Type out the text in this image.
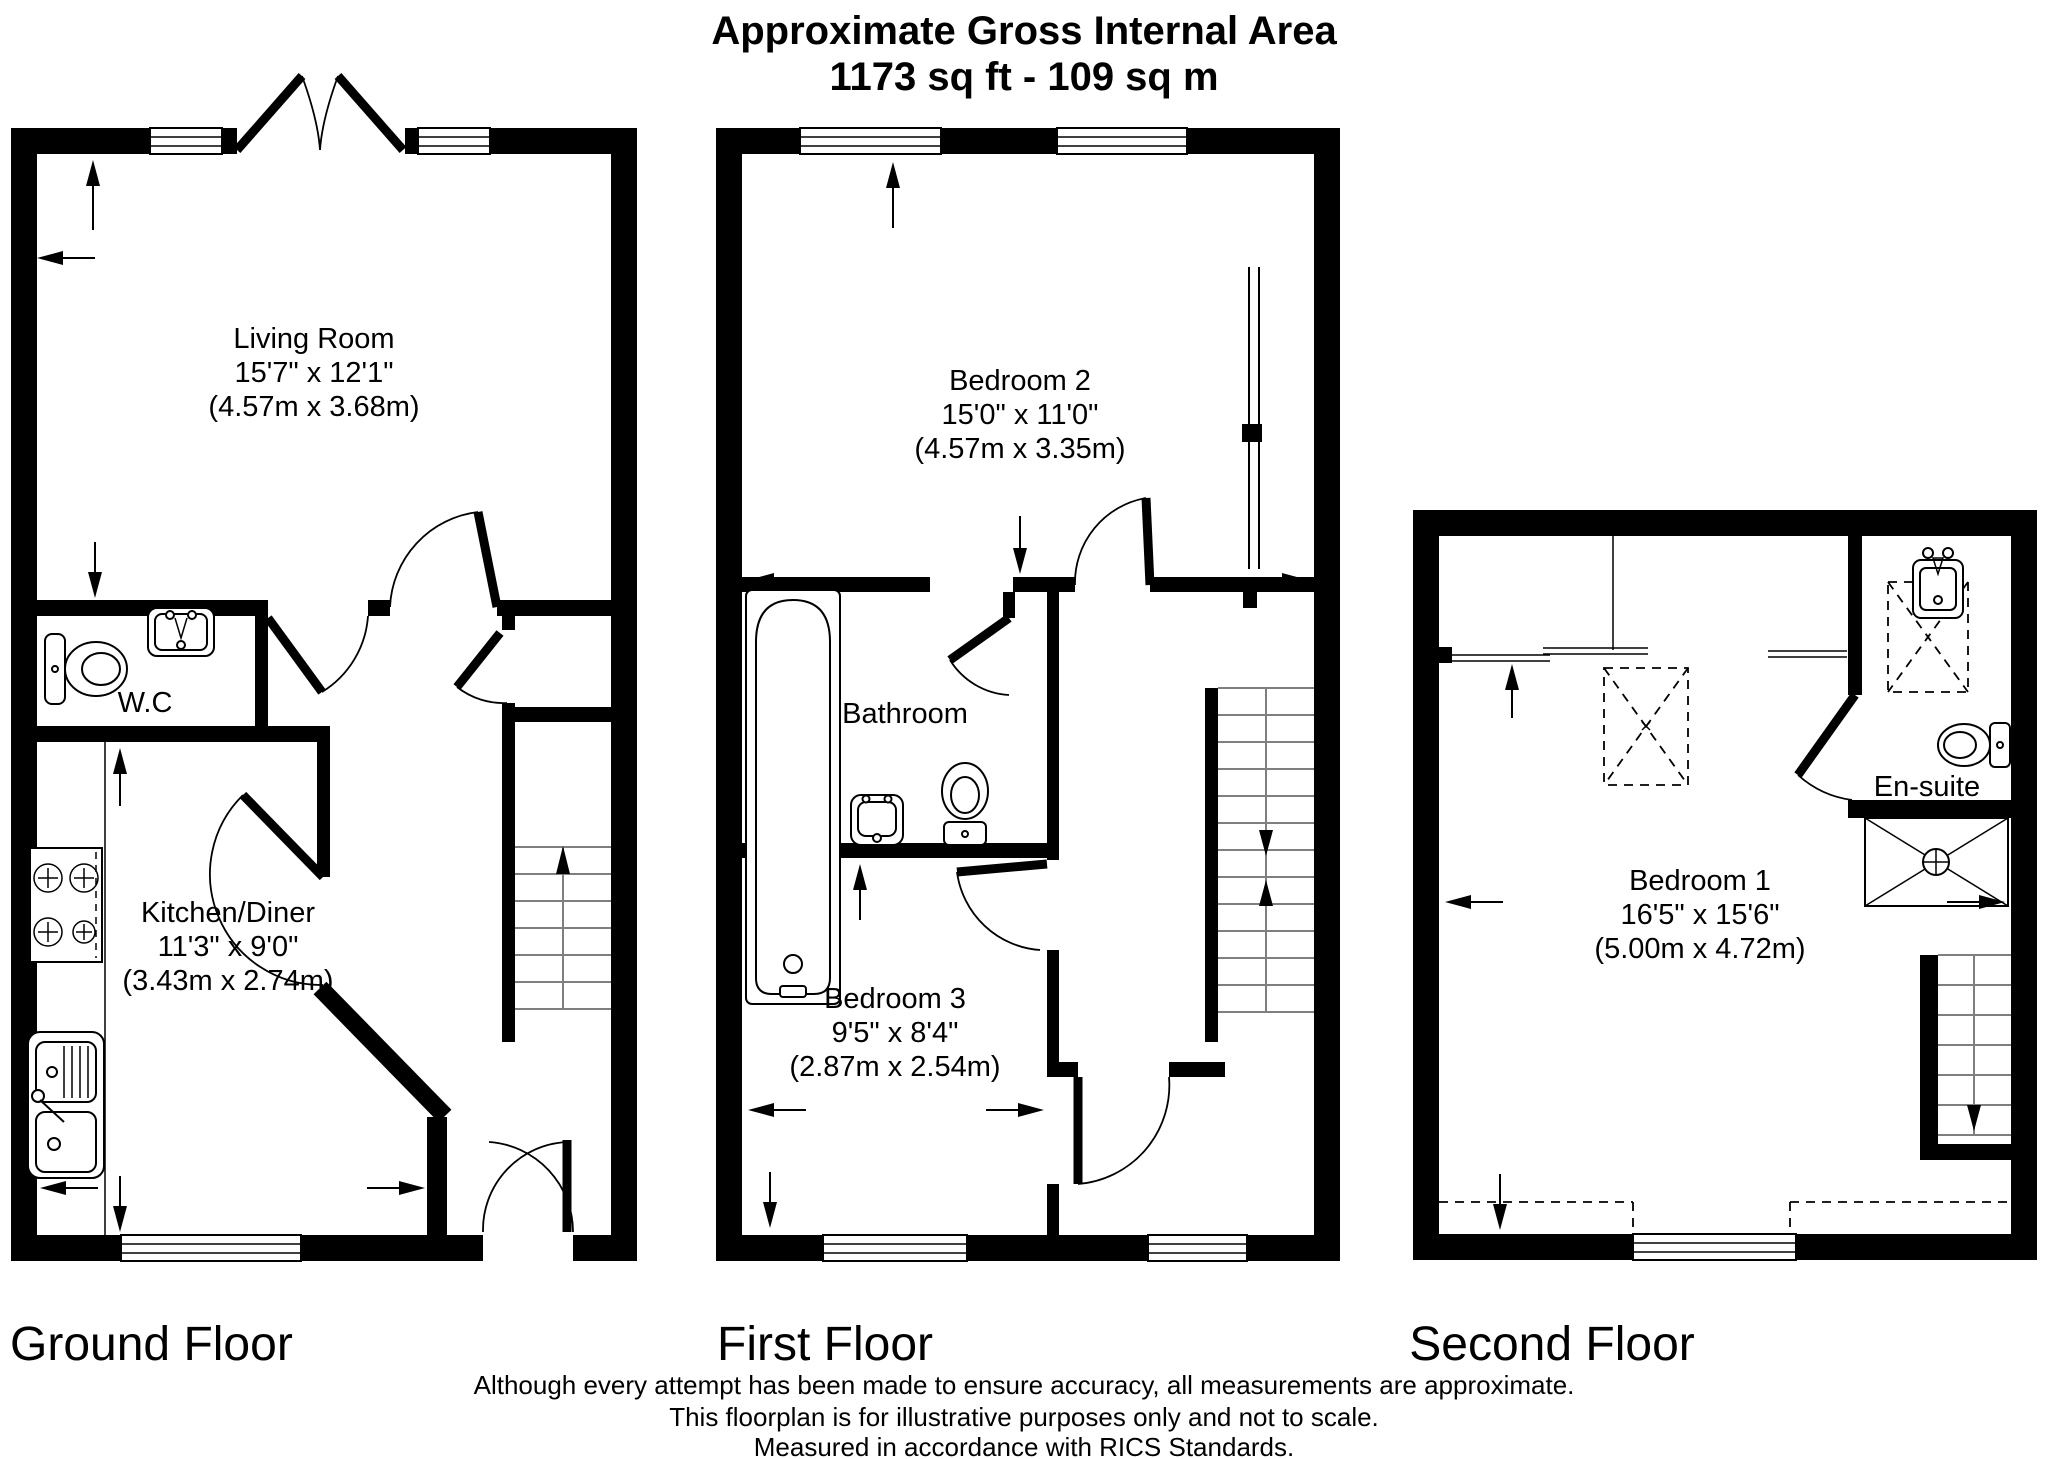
Approximate Gross Internal Area
1173 sq ft - 109 sq m
Living Room
15'7" x 12'1"
(4.57m x 3.68m)
W.C
Kitchen/Diner
11'3" x 9'0"
(3.43m x 2.74m)
Bedroom 2
15'0" x 11'0"
(4.57m x 3.35m)
Bathroom
Bedroom 3
9'5" x 8'4"
(2.87m x 2.54m)
Bedroom 1
16'5" x 15'6"
(5.00m x 4.72m)
En-suite
Ground Floor	First Floor	Second Floor
Although every attempt has been made to ensure accuracy, all measurements are approximate.
This floorplan is for illustrative purposes only and not to scale.
Measured in accordance with RICS Standards.
